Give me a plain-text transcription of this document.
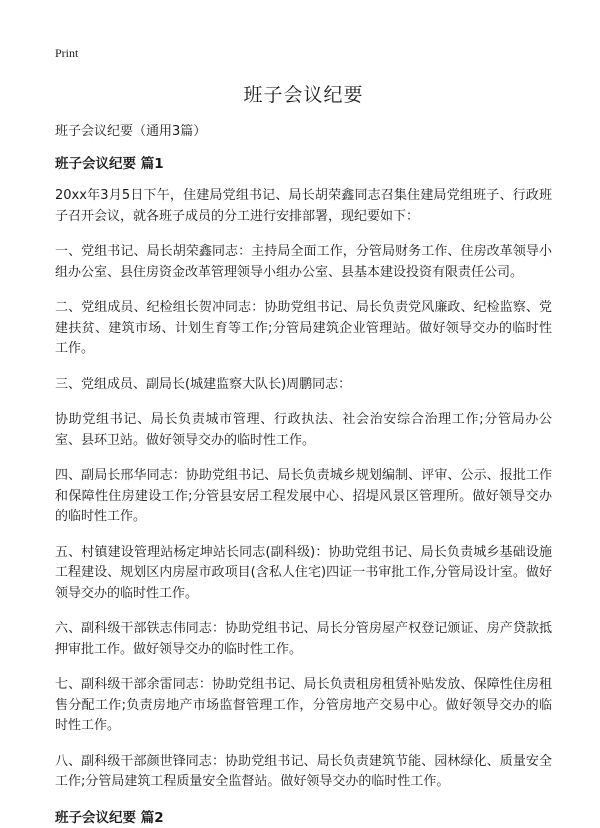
Print
班子会议纪要
班子会议纪要（通用3篇）
班子会议纪要 篇1

20xx年3月5日下午，住建局党组书记、局长胡荣鑫同志召集住建局党组班子、行政班子召开会议，就各班子成员的分工进行安排部署，现纪要如下：

一、党组书记、局长胡荣鑫同志：主持局全面工作，分管局财务工作、住房改革领导小组办公室、县住房资金改革管理领导小组办公室、县基本建设投资有限责任公司。

二、党组成员、纪检组长贺冲同志：协助党组书记、局长负责党风廉政、纪检监察、党建扶贫、建筑市场、计划生育等工作;分管局建筑企业管理站。做好领导交办的临时性工作。

三、党组成员、副局长(城建监察大队长)周鹏同志：

协助党组书记、局长负责城市管理、行政执法、社会治安综合治理工作;分管局办公室、县环卫站。做好领导交办的临时性工作。

四、副局长邢华同志：协助党组书记、局长负责城乡规划编制、评审、公示、报批工作和保障性住房建设工作;分管县安居工程发展中心、招堤风景区管理所。做好领导交办的临时性工作。

五、村镇建设管理站杨定坤站长同志(副科级)：协助党组书记、局长负责城乡基础设施工程建设、规划区内房屋市政项目(含私人住宅)四证一书审批工作,分管局设计室。做好领导交办的临时性工作。

六、副科级干部铁志伟同志：协助党组书记、局长分管房屋产权登记颁证、房产贷款抵押审批工作。做好领导交办的临时性工作。

七、副科级干部余雷同志：协助党组书记、局长负责租房租赁补贴发放、保障性住房租售分配工作;负责房地产市场监督管理工作，分管房地产交易中心。做好领导交办的临时性工作。

八、副科级干部颜世锋同志：协助党组书记、局长负责建筑节能、园林绿化、质量安全工作;分管局建筑工程质量安全监督站。做好领导交办的临时性工作。

班子会议纪要 篇2
